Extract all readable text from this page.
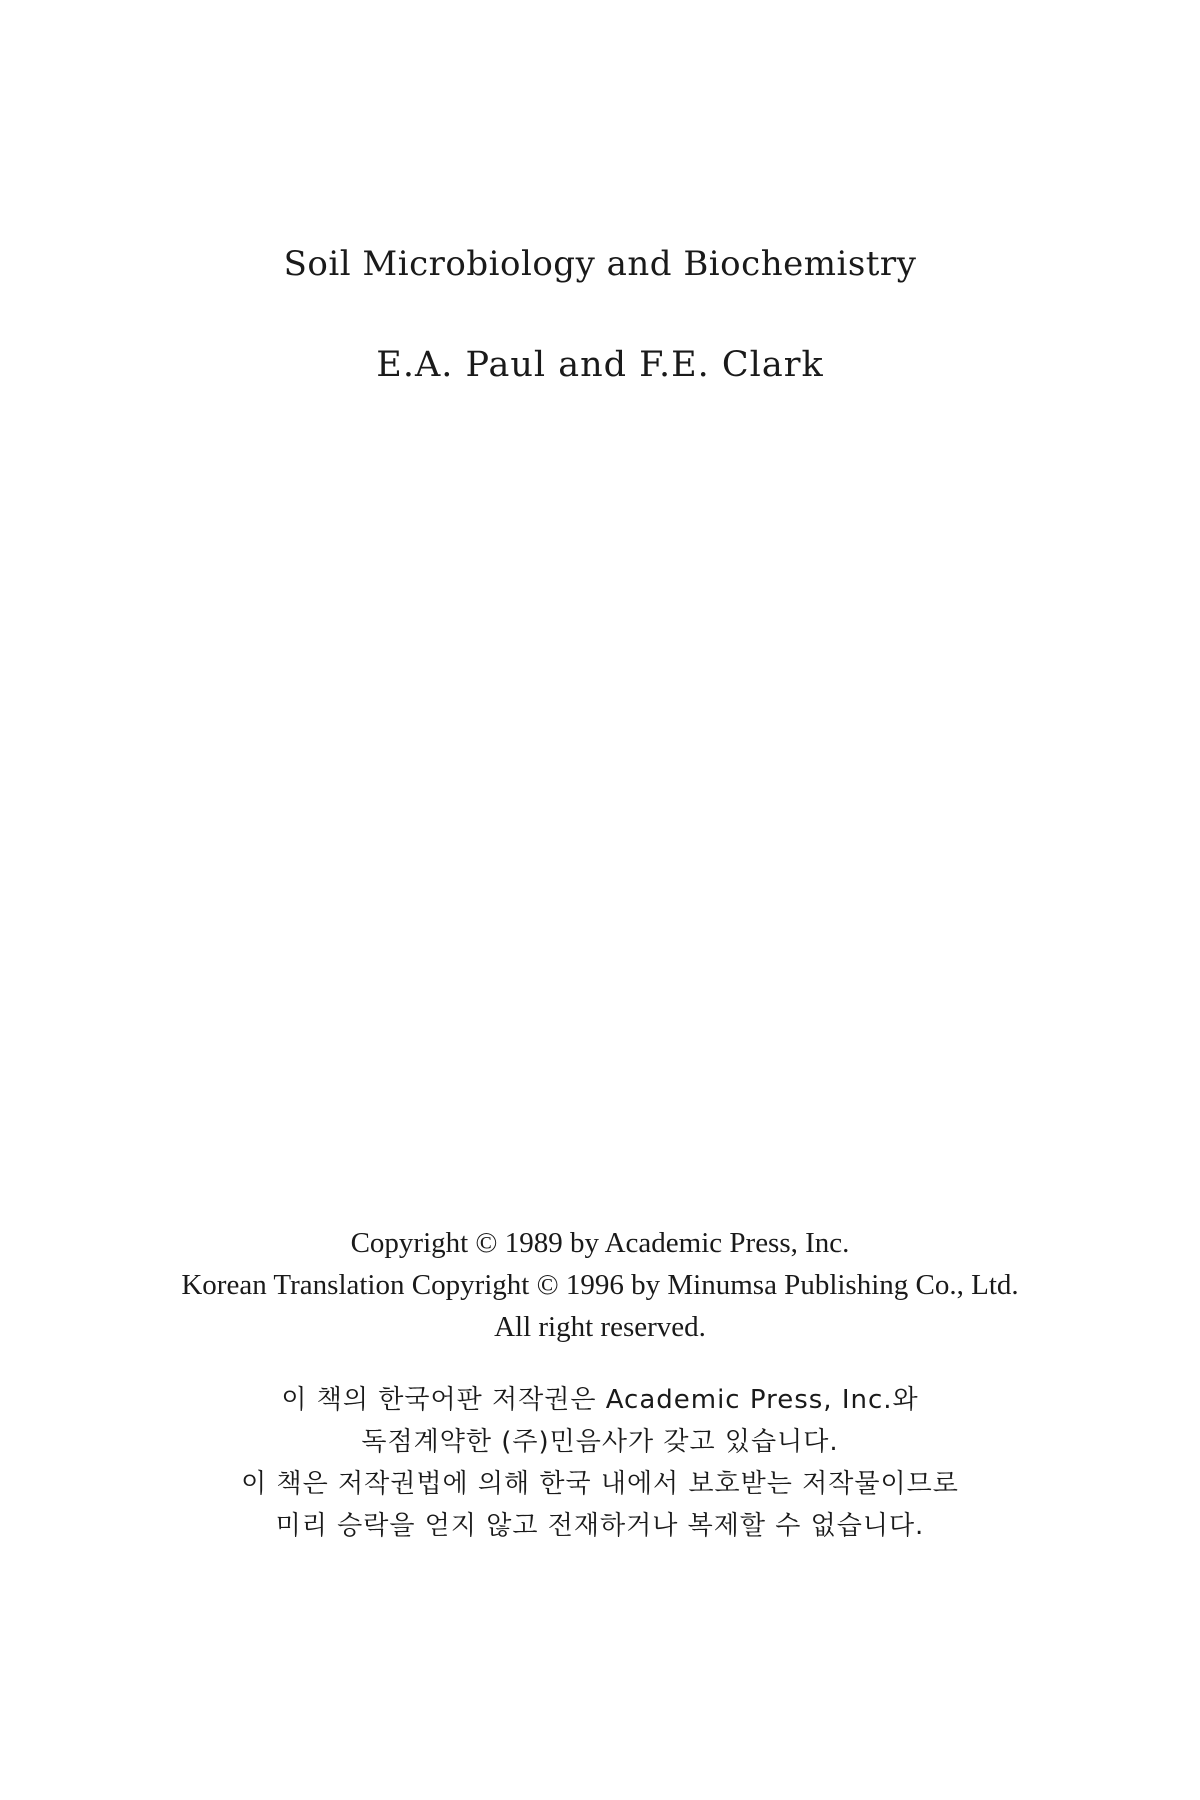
Soil Microbiology and Biochemistry
E.A. Paul and F.E. Clark
Copyright © 1989 by Academic Press, Inc.
Korean Translation Copyright © 1996 by Minumsa Publishing Co., Ltd.
All right reserved.
이 책의 한국어판 저작권은 Academic Press, Inc.와
독점계약한 (주)민음사가 갖고 있습니다.
이 책은 저작권법에 의해 한국 내에서 보호받는 저작물이므로
미리 승락을 얻지 않고 전재하거나 복제할 수 없습니다.
